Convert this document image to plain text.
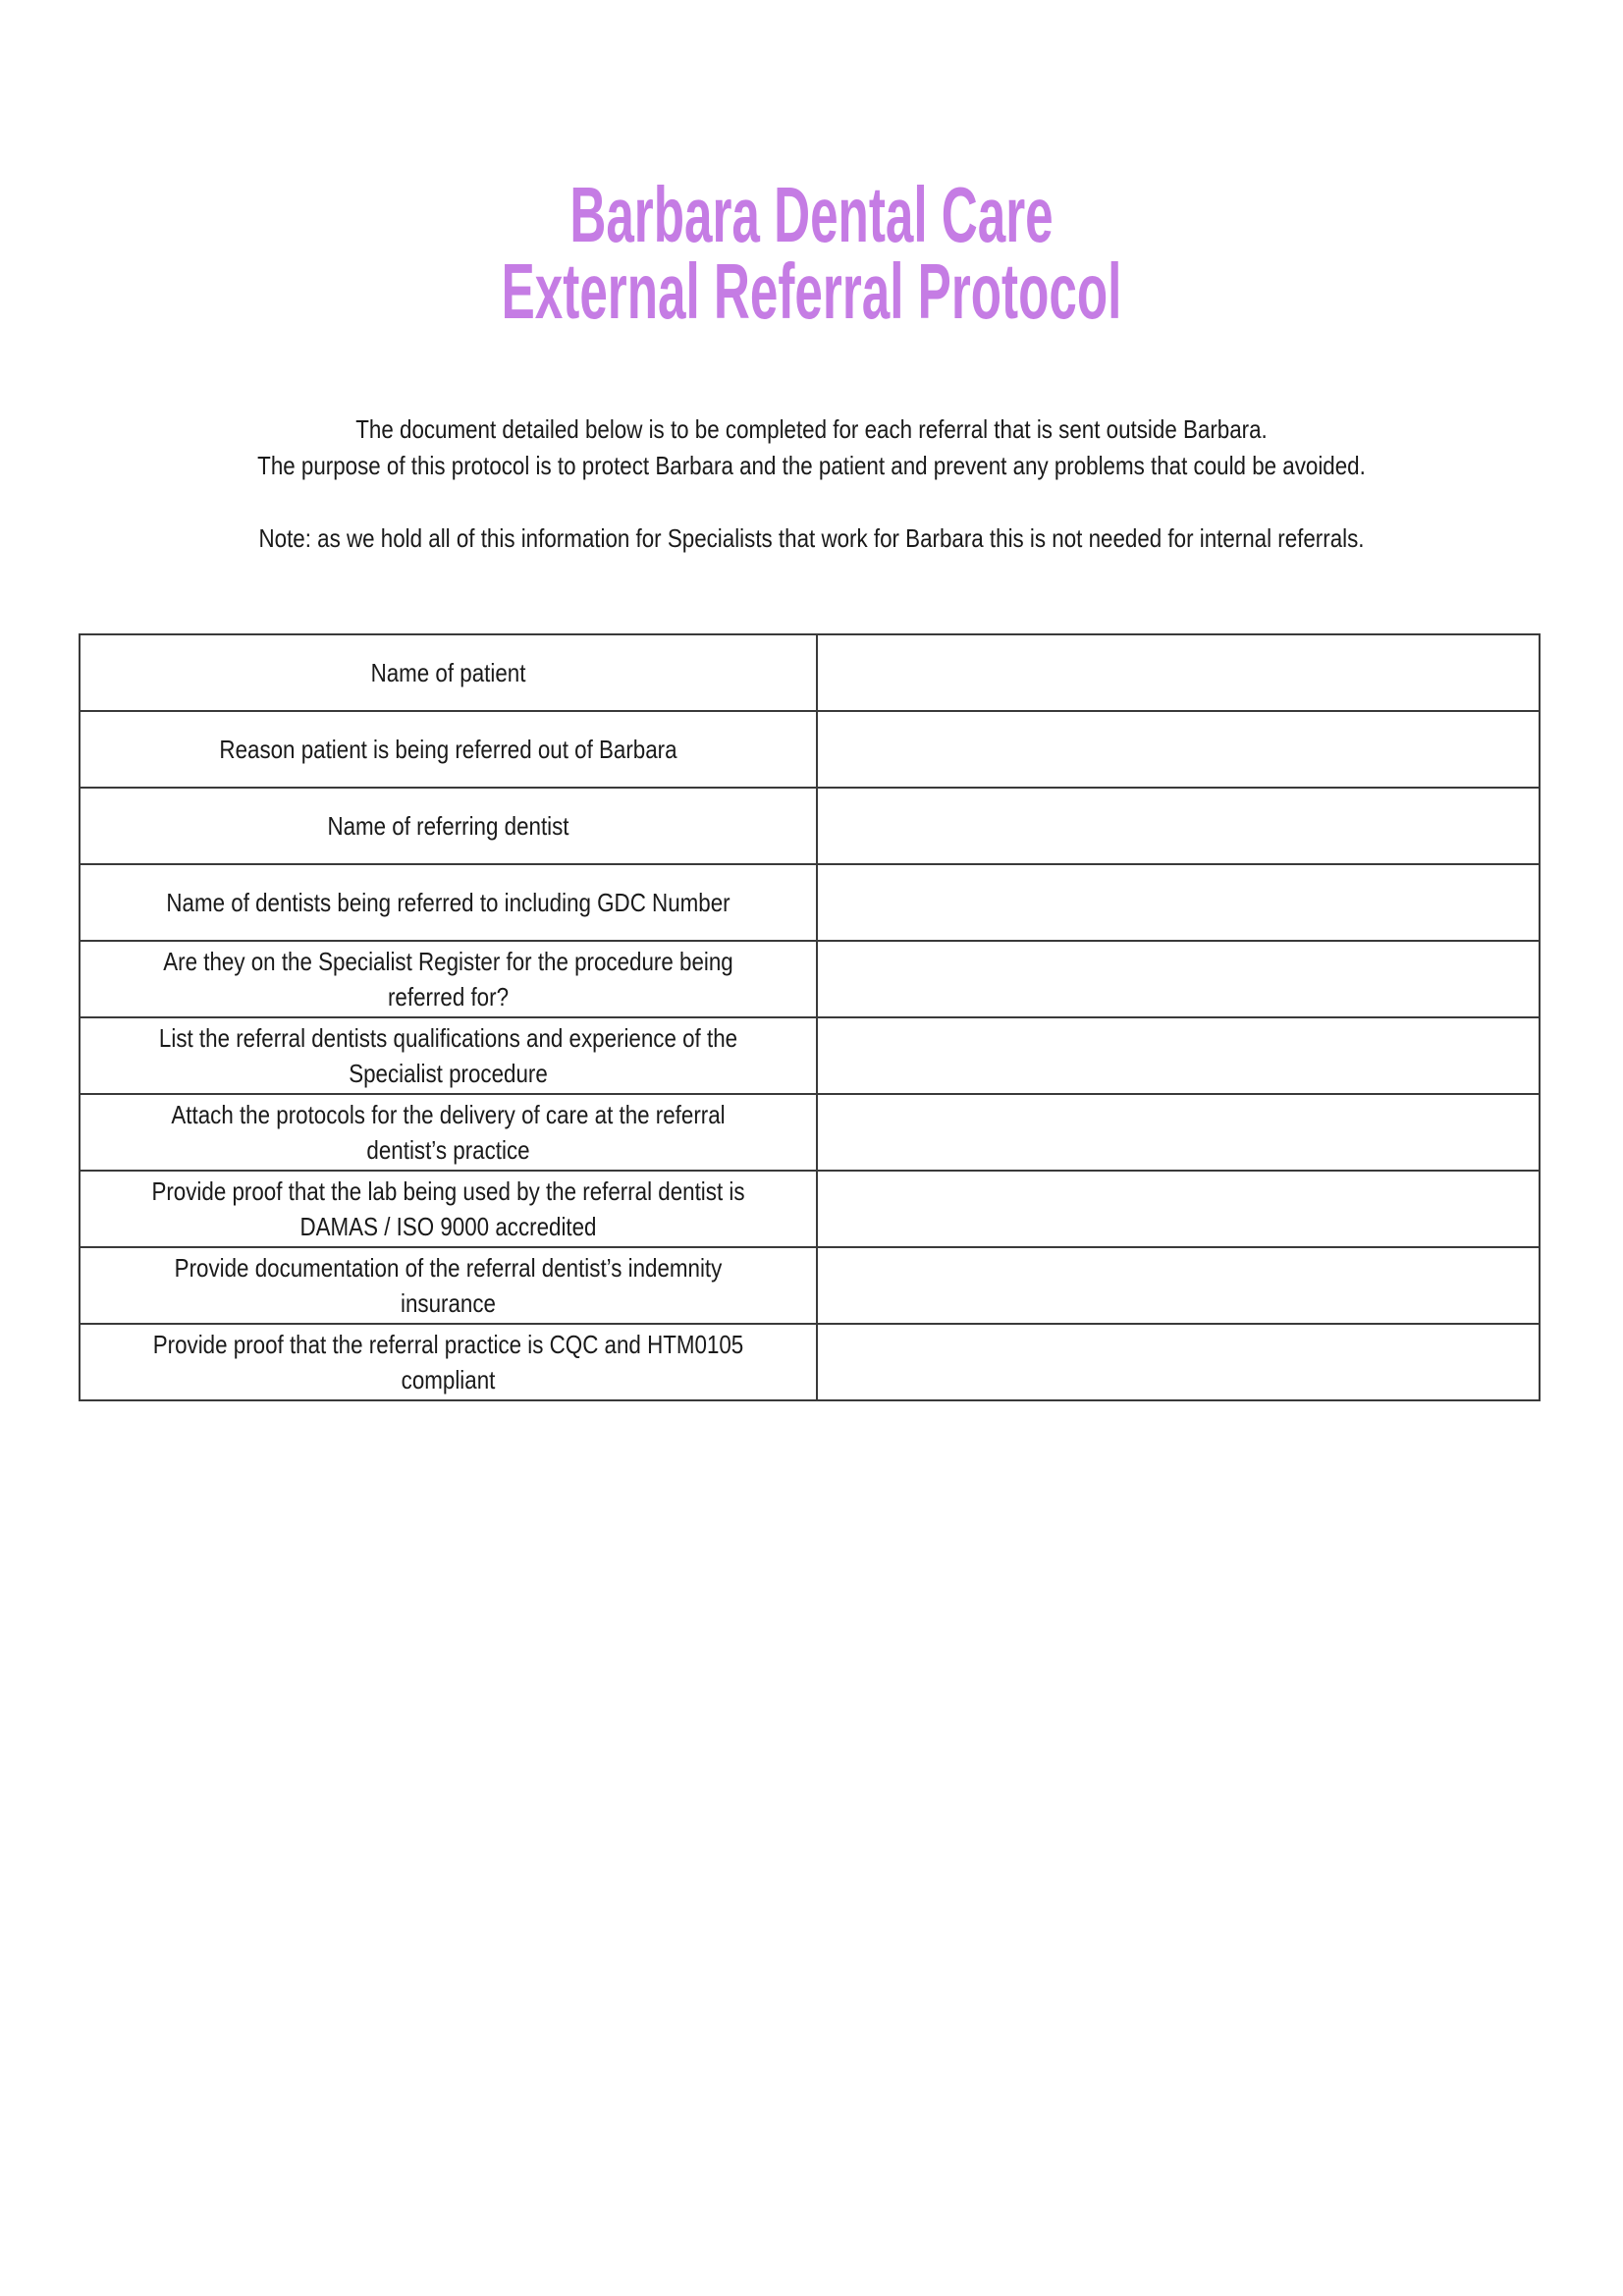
Barbara Dental Care
External Referral Protocol
The document detailed below is to be completed for each referral that is sent outside Barbara.
The purpose of this protocol is to protect Barbara and the patient and prevent any problems that could be avoided.
Note: as we hold all of this information for Specialists that work for Barbara this is not needed for internal referrals.
Name of patient	

Reason patient is being referred out of Barbara	

Name of referring dentist	

Name of dentists being referred to including GDC Number	

Are they on the Specialist Register for the procedure being
referred for?	

List the referral dentists qualifications and experience of the
Specialist procedure	

Attach the protocols for the delivery of care at the referral
dentist’s practice	

Provide proof that the lab being used by the referral dentist is
DAMAS / ISO 9000 accredited	

Provide documentation of the referral dentist’s indemnity
insurance	

Provide proof that the referral practice is CQC and HTM0105
compliant	
